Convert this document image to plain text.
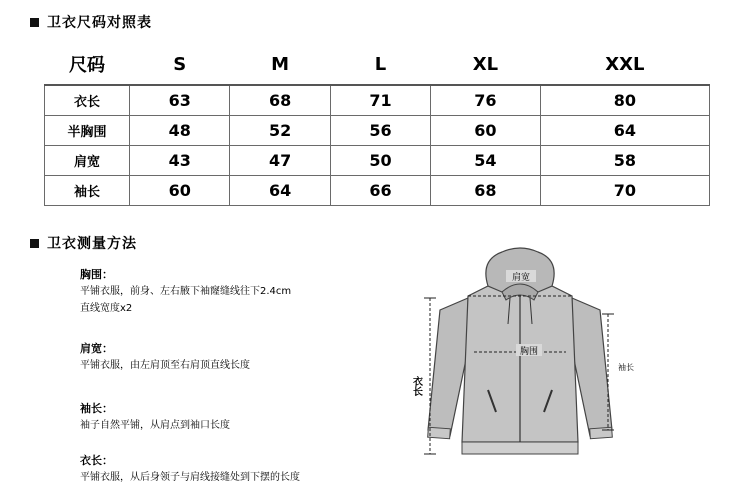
卫衣尺码对照表
尺码	S	M	L	XL	XXL
衣长	63	68	71	76	80
半胸围	48	52	56	60	64
肩宽	43	47	50	54	58
袖长	60	64	66	68	70
卫衣测量方法
胸围：
平铺衣服，前身、左右腋下袖窿缝线往下2.4cm
直线宽度x2
肩宽：
平铺衣服，由左肩顶至右肩顶直线长度
袖长：
袖子自然平铺，从肩点到袖口长度
衣长：
平铺衣服，从后身领子与肩线接缝处到下摆的长度
肩宽
胸围
衣长
袖长
